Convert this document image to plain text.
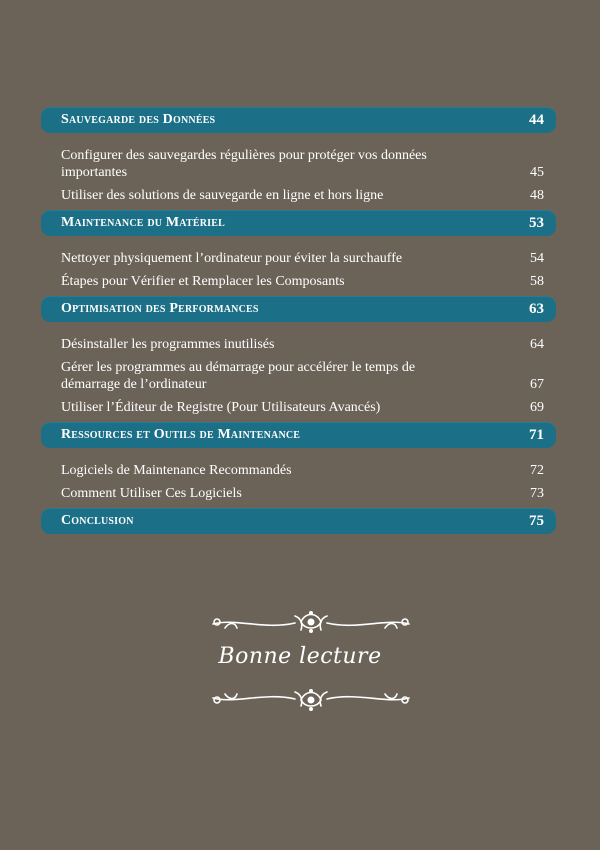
Sauvegarde des Données	44
Configurer des sauvegardes régulières pour protéger vos données importantes	45
Utiliser des solutions de sauvegarde en ligne et hors ligne	48
Maintenance du Matériel	53
Nettoyer physiquement l’ordinateur pour éviter la surchauffe	54
Étapes pour Vérifier et Remplacer les Composants	58
Optimisation des Performances	63
Désinstaller les programmes inutilisés	64
Gérer les programmes au démarrage pour accélérer le temps de démarrage de l’ordinateur	67
Utiliser l’Éditeur de Registre (Pour Utilisateurs Avancés)	69
Ressources et Outils de Maintenance	71
Logiciels de Maintenance Recommandés	72
Comment Utiliser Ces Logiciels	73
Conclusion	75
Bonne lecture
